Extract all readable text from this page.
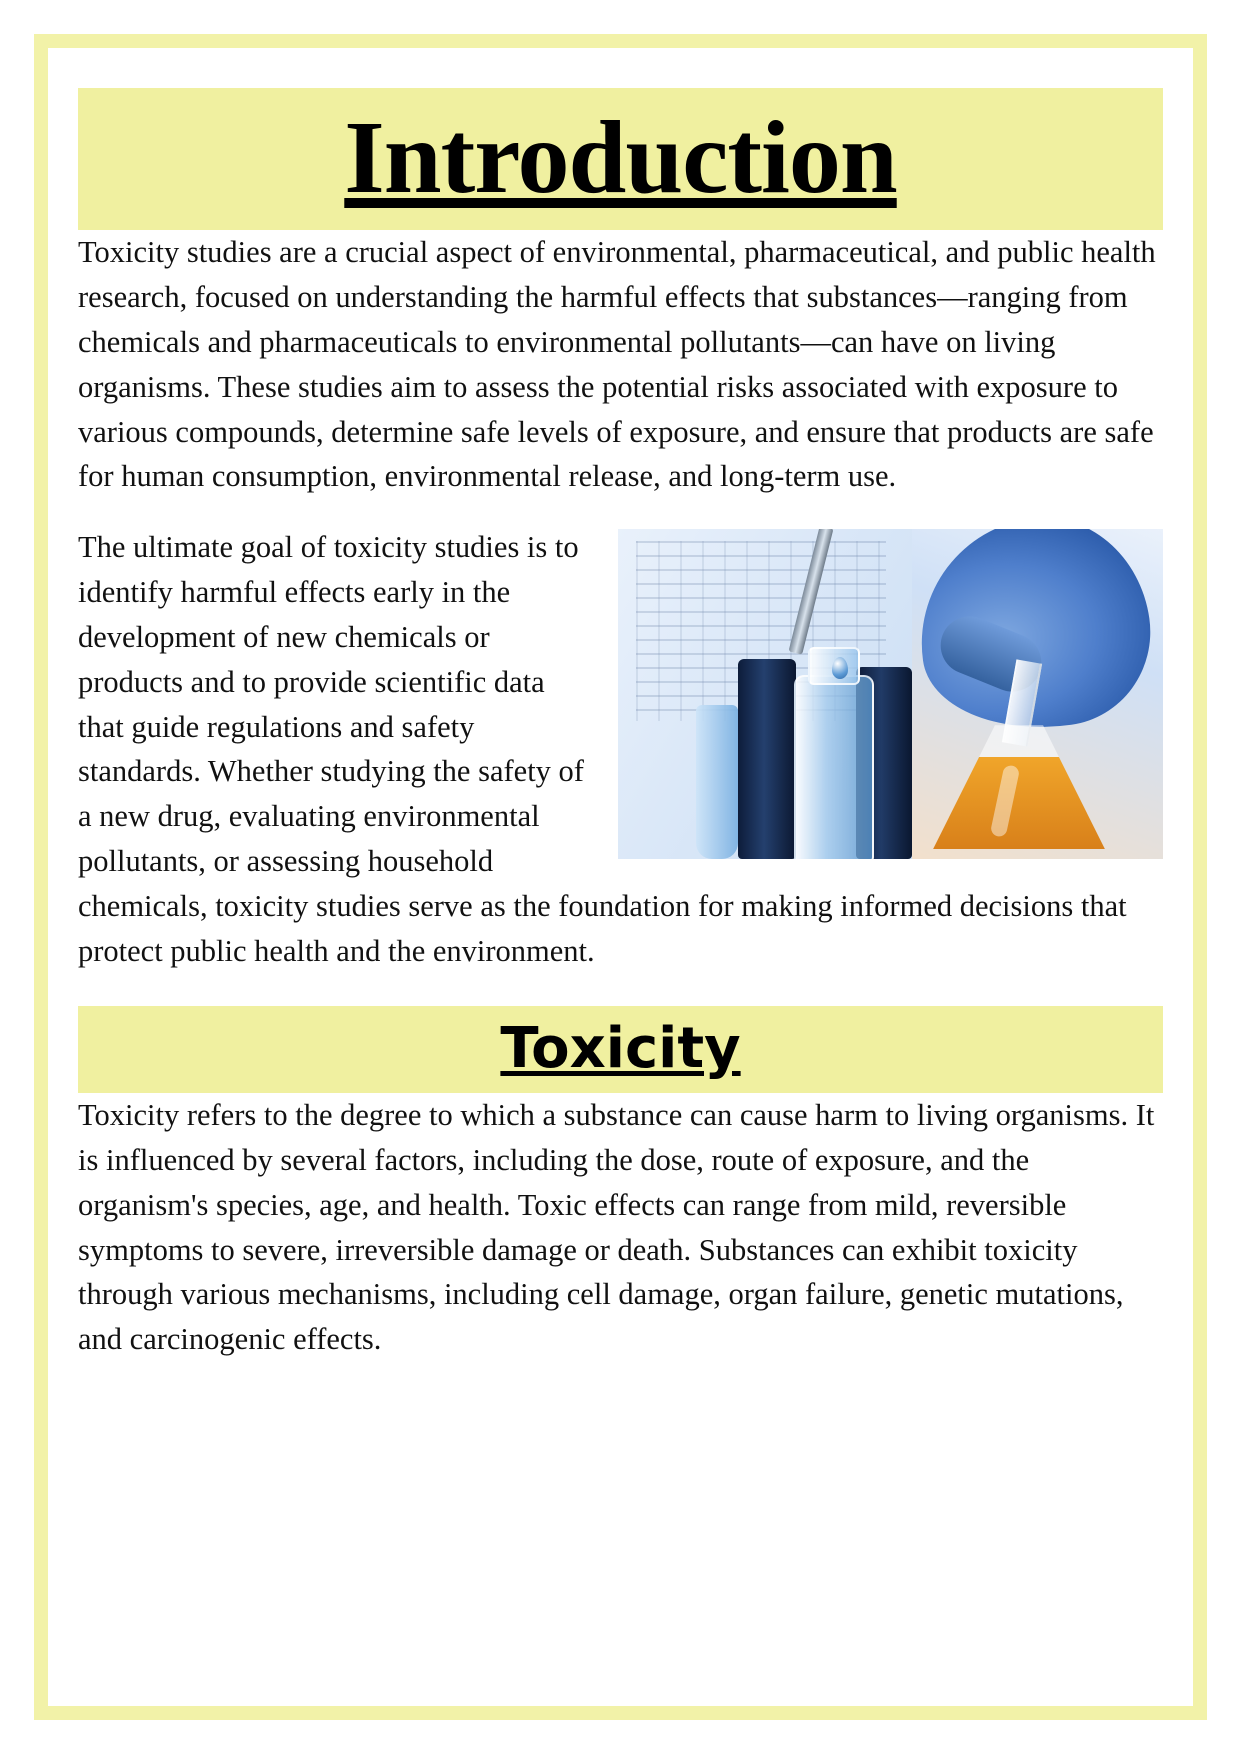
Introduction

Toxicity studies are a crucial aspect of environmental, pharmaceutical, and public health research, focused on understanding the harmful effects that substances—ranging from chemicals and pharmaceuticals to environmental pollutants—can have on living organisms. These studies aim to assess the potential risks associated with exposure to various compounds, determine safe levels of exposure, and ensure that products are safe for human consumption, environmental release, and long-term use.

The ultimate goal of toxicity studies is to identify harmful effects early in the development of new chemicals or products and to provide scientific data that guide regulations and safety standards. Whether studying the safety of a new drug, evaluating environmental pollutants, or assessing household chemicals, toxicity studies serve as the foundation for making informed decisions that protect public health and the environment.

Toxicity

Toxicity refers to the degree to which a substance can cause harm to living organisms. It is influenced by several factors, including the dose, route of exposure, and the organism's species, age, and health. Toxic effects can range from mild, reversible symptoms to severe, irreversible damage or death. Substances can exhibit toxicity through various mechanisms, including cell damage, organ failure, genetic mutations, and carcinogenic effects.
